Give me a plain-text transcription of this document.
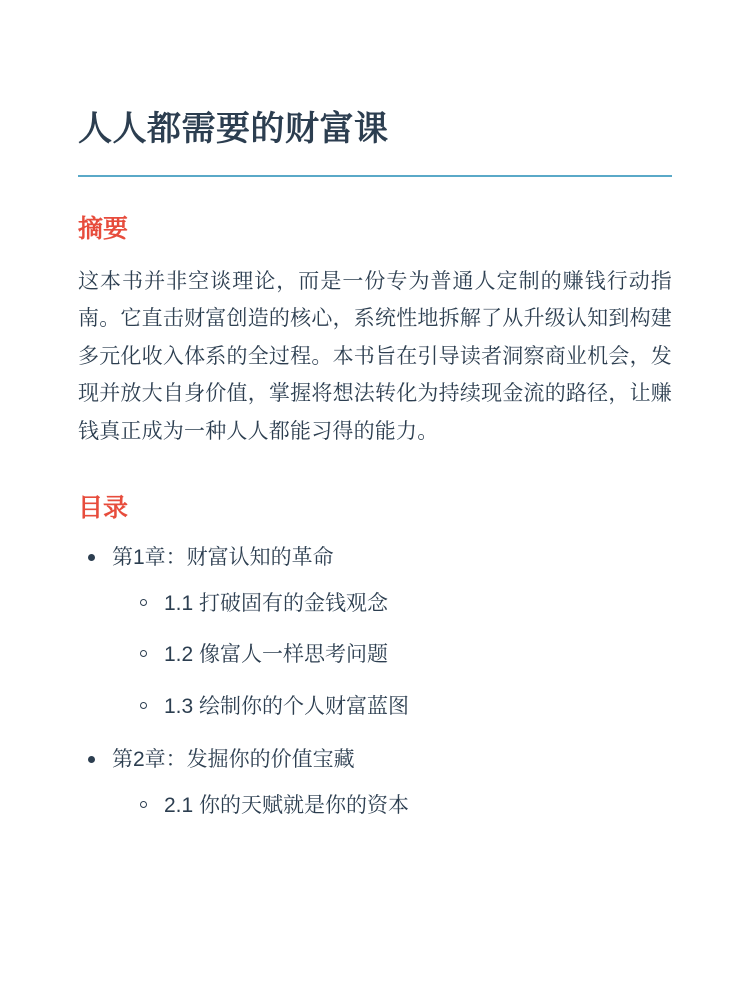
人人都需要的财富课
摘要

这本书并非空谈理论，而是一份专为普通人定制的赚钱行动指南。它直击财富创造的核心，系统性地拆解了从升级认知到构建多元化收入体系的全过程。本书旨在引导读者洞察商业机会，发现并放大自身价值，掌握将想法转化为持续现金流的路径，让赚钱真正成为一种人人都能习得的能力。

目录
第1章：财富认知的革命
1.1 打破固有的金钱观念
1.2 像富人一样思考问题
1.3 绘制你的个人财富蓝图
第2章：发掘你的价值宝藏
2.1 你的天赋就是你的资本
